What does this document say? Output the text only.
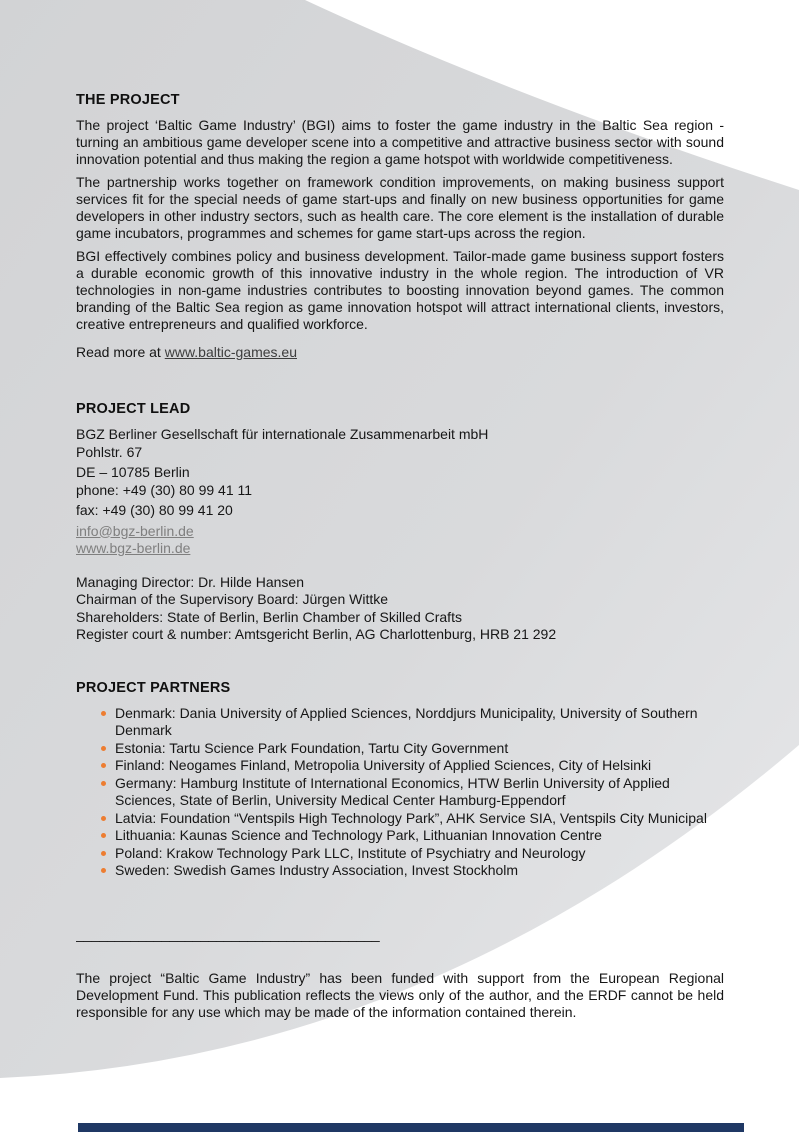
THE PROJECT

The project ‘Baltic Game Industry’ (BGI) aims to foster the game industry in the Baltic Sea region - turning an ambitious game developer scene into a competitive and attractive business sector with sound innovation potential and thus making the region a game hotspot with worldwide competitiveness.

The partnership works together on framework condition improvements, on making business support services fit for the special needs of game start-ups and finally on new business opportunities for game developers in other industry sectors, such as health care. The core element is the installation of durable game incubators, programmes and schemes for game start-ups across the region.

BGI effectively combines policy and business development. Tailor-made game business support fosters a durable economic growth of this innovative industry in the whole region. The introduction of VR technologies in non-game industries contributes to boosting innovation beyond games. The common branding of the Baltic Sea region as game innovation hotspot will attract international clients, investors, creative entrepreneurs and qualified workforce.

Read more at www.baltic-games.eu

PROJECT LEAD
BGZ Berliner Gesellschaft für internationale Zusammenarbeit mbH
Pohlstr. 67
DE – 10785 Berlin
phone: +49 (30) 80 99 41 11
fax: +49 (30) 80 99 41 20
info@bgz-berlin.de
www.bgz-berlin.de
Managing Director: Dr. Hilde Hansen
Chairman of the Supervisory Board: Jürgen Wittke
Shareholders: State of Berlin, Berlin Chamber of Skilled Crafts
Register court & number: Amtsgericht Berlin, AG Charlottenburg, HRB 21 292
PROJECT PARTNERS
Denmark: Dania University of Applied Sciences, Norddjurs Municipality, University of Southern Denmark
Estonia: Tartu Science Park Foundation, Tartu City Government
Finland: Neogames Finland, Metropolia University of Applied Sciences, City of Helsinki
Germany: Hamburg Institute of International Economics, HTW Berlin University of Applied Sciences, State of Berlin, University Medical Center Hamburg-Eppendorf
Latvia: Foundation “Ventspils High Technology Park”, AHK Service SIA, Ventspils City Municipal
Lithuania: Kaunas Science and Technology Park, Lithuanian Innovation Centre
Poland: Krakow Technology Park LLC, Institute of Psychiatry and Neurology
Sweden: Swedish Games Industry Association, Invest Stockholm
_______________________________________

The project “Baltic Game Industry” has been funded with support from the European Regional Development Fund. This publication reflects the views only of the author, and the ERDF cannot be held responsible for any use which may be made of the information contained therein.
